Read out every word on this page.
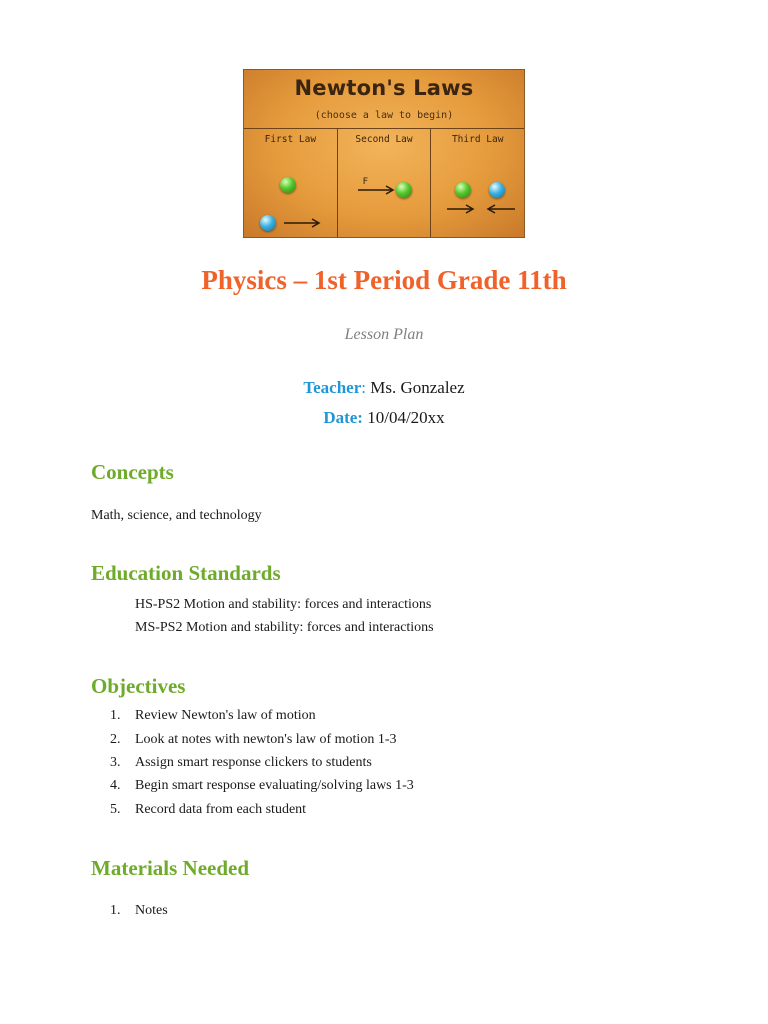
Newton's Laws
(choose a law to begin)
First Law	Second Law
F
Third Law
Physics – 1st Period Grade 11th
Lesson Plan
Teacher: Ms. Gonzalez
Date: 10/04/20xx
Concepts
Math, science, and technology
Education Standards
HS-PS2 Motion and stability: forces and interactions
MS-PS2 Motion and stability: forces and interactions
Objectives
1.	Review Newton's law of motion
2.	Look at notes with newton's law of motion 1-3
3.	Assign smart response clickers to students
4.	Begin smart response evaluating/solving laws 1-3
5.	Record data from each student
Materials Needed
1.	Notes
